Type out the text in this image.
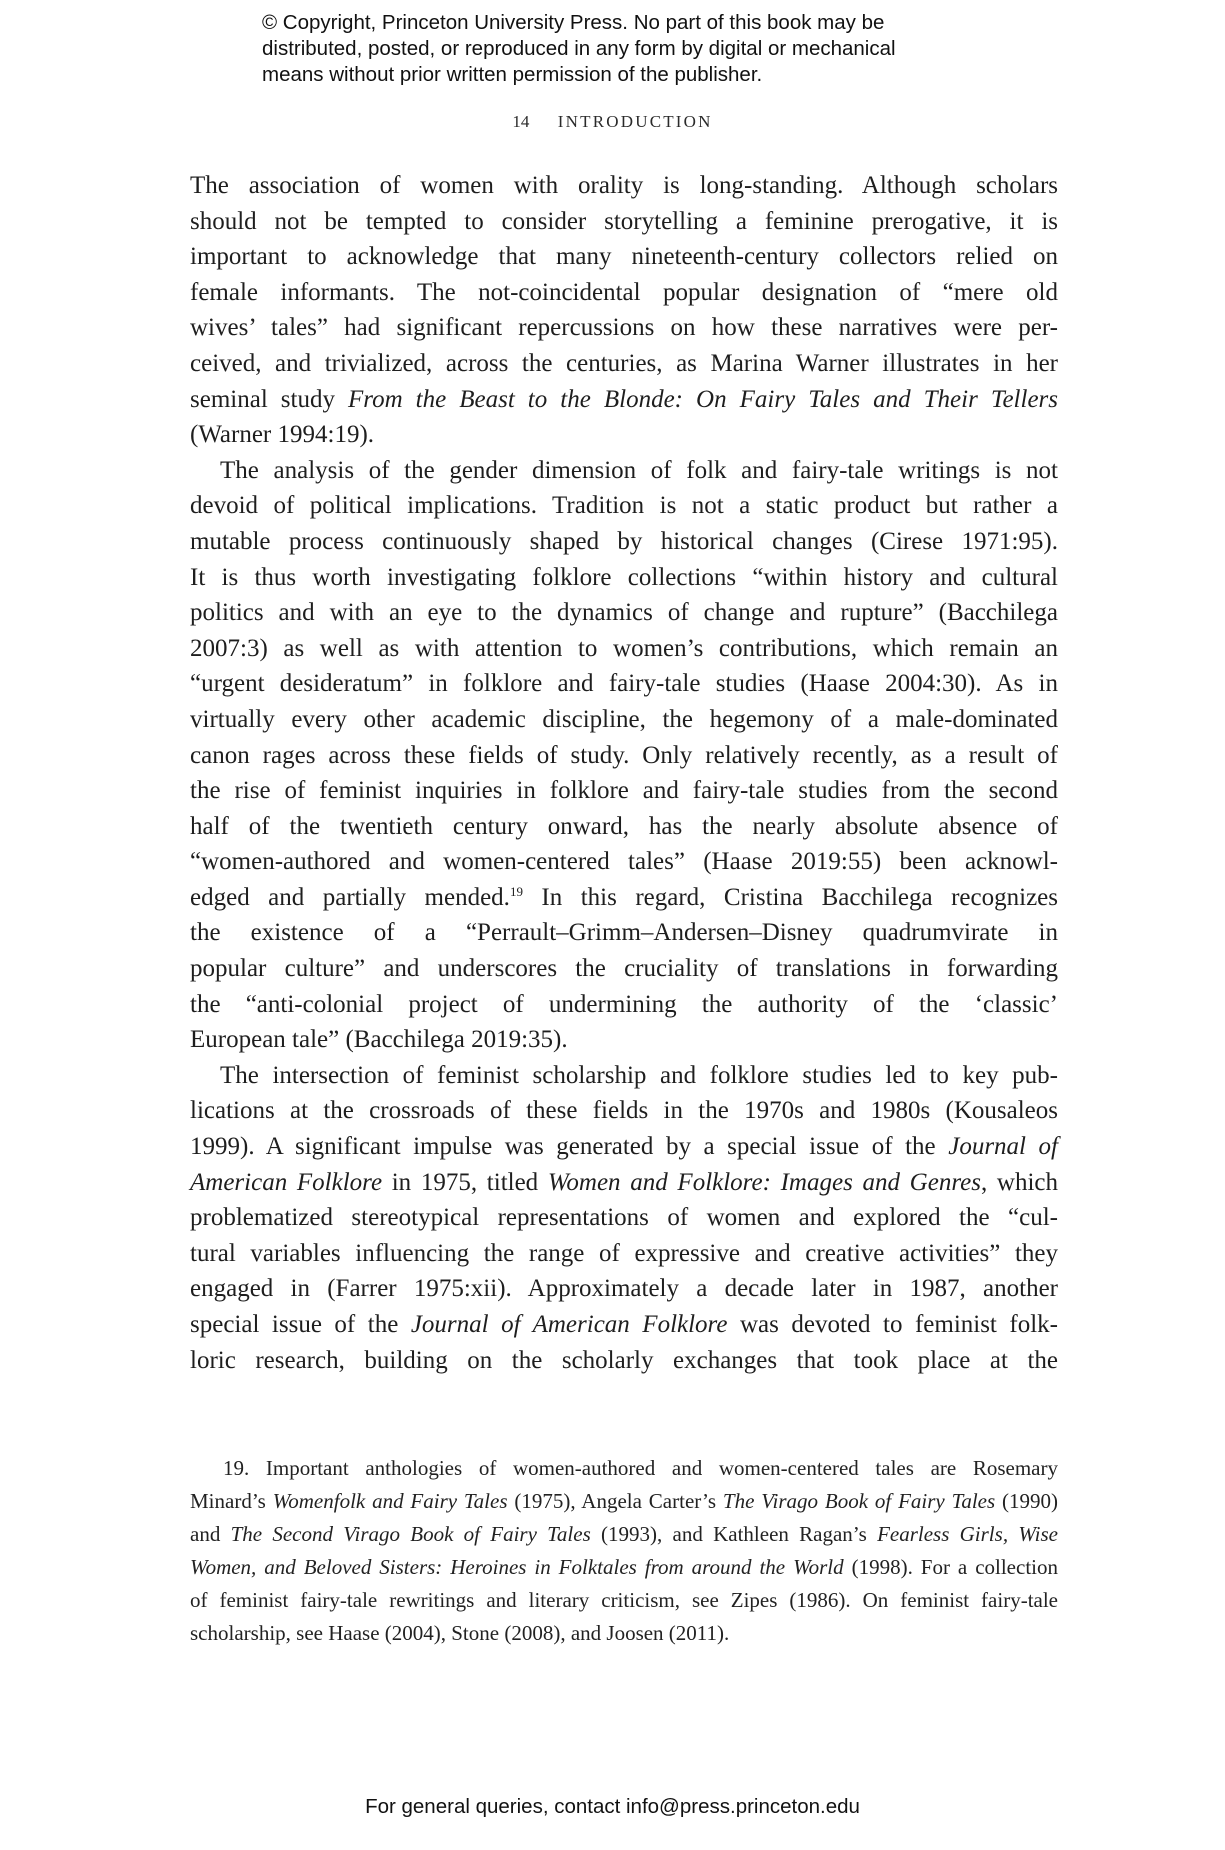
© Copyright, Princeton University Press. No part of this book may be
distributed, posted, or reproduced in any form by digital or mechanical
means without prior written permission of the publisher.
14 INTRODUCTION
The association of women with orality is long-standing. Although scholars
should not be tempted to consider storytelling a feminine prerogative, it is
important to acknowledge that many nineteenth-century collectors relied on
female informants. The not-coincidental popular designation of “mere old
wives’ tales” had significant repercussions on how these narratives were per-
ceived, and trivialized, across the centuries, as Marina Warner illustrates in her
seminal study From the Beast to the Blonde: On Fairy Tales and Their Tellers
(Warner 1994:19).
The analysis of the gender dimension of folk and fairy-tale writings is not
devoid of political implications. Tradition is not a static product but rather a
mutable process continuously shaped by historical changes (Cirese 1971:95).
It is thus worth investigating folklore collections “within history and cultural
politics and with an eye to the dynamics of change and rupture” (Bacchilega
2007:3) as well as with attention to women’s contributions, which remain an
“urgent desideratum” in folklore and fairy-tale studies (Haase 2004:30). As in
virtually every other academic discipline, the hegemony of a male-dominated
canon rages across these fields of study. Only relatively recently, as a result of
the rise of feminist inquiries in folklore and fairy-tale studies from the second
half of the twentieth century onward, has the nearly absolute absence of
“women-authored and women-centered tales” (Haase 2019:55) been acknowl-
edged and partially mended.$^{19}$ In this regard, Cristina Bacchilega recognizes
the existence of a “Perrault–Grimm–Andersen–Disney quadrumvirate in
popular culture” and underscores the cruciality of translations in forwarding
the “anti-colonial project of undermining the authority of the ‘classic’
European tale” (Bacchilega 2019:35).
The intersection of feminist scholarship and folklore studies led to key pub-
lications at the crossroads of these fields in the 1970s and 1980s (Kousaleos
1999). A significant impulse was generated by a special issue of the Journal of
American Folklore in 1975, titled Women and Folklore: Images and Genres, which
problematized stereotypical representations of women and explored the “cul-
tural variables influencing the range of expressive and creative activities” they
engaged in (Farrer 1975:xii). Approximately a decade later in 1987, another
special issue of the Journal of American Folklore was devoted to feminist folk-
loric research, building on the scholarly exchanges that took place at the
19. Important anthologies of women-authored and women-centered tales are Rosemary
Minard’s Womenfolk and Fairy Tales (1975), Angela Carter’s The Virago Book of Fairy Tales (1990)
and The Second Virago Book of Fairy Tales (1993), and Kathleen Ragan’s Fearless Girls, Wise
Women, and Beloved Sisters: Heroines in Folktales from around the World (1998). For a collection
of feminist fairy-tale rewritings and literary criticism, see Zipes (1986). On feminist fairy-tale
scholarship, see Haase (2004), Stone (2008), and Joosen (2011).
For general queries, contact info@press.princeton.edu
